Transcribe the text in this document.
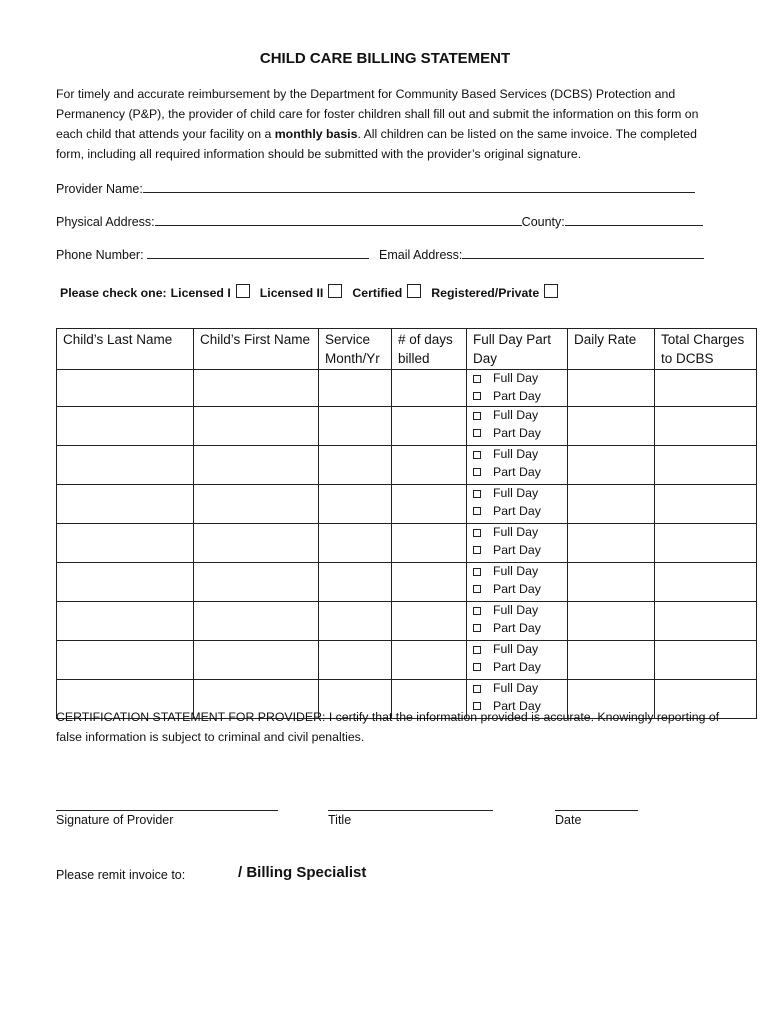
CHILD CARE BILLING STATEMENT
For timely and accurate reimbursement by the Department for Community Based Services (DCBS) Protection and Permanency (P&P), the provider of child care for foster children shall fill out and submit the information on this form on each child that attends your facility on a monthly basis. All children can be listed on the same invoice. The completed form, including all required information should be submitted with the provider’s original signature.
Provider Name:
Physical Address:	County:
Phone Number:	Email Address:
Please check one: Licensed I Licensed II Certified Registered/Private
Child’s Last Name	Child’s First Name	Service Month/Yr	# of days billed	Full Day Part Day	Daily Rate	Total Charges to DCBS

				Full Day
Part Day		

				Full Day
Part Day		

				Full Day
Part Day		

				Full Day
Part Day		

				Full Day
Part Day		

				Full Day
Part Day		

				Full Day
Part Day		

				Full Day
Part Day		

				Full Day
Part Day		

CERTIFICATION STATEMENT FOR PROVIDER: I certify that the information provided is accurate. Knowingly reporting of false information is subject to criminal and civil penalties.
Signature of Provider	Title	Date
Please remit invoice to:	/ Billing Specialist
